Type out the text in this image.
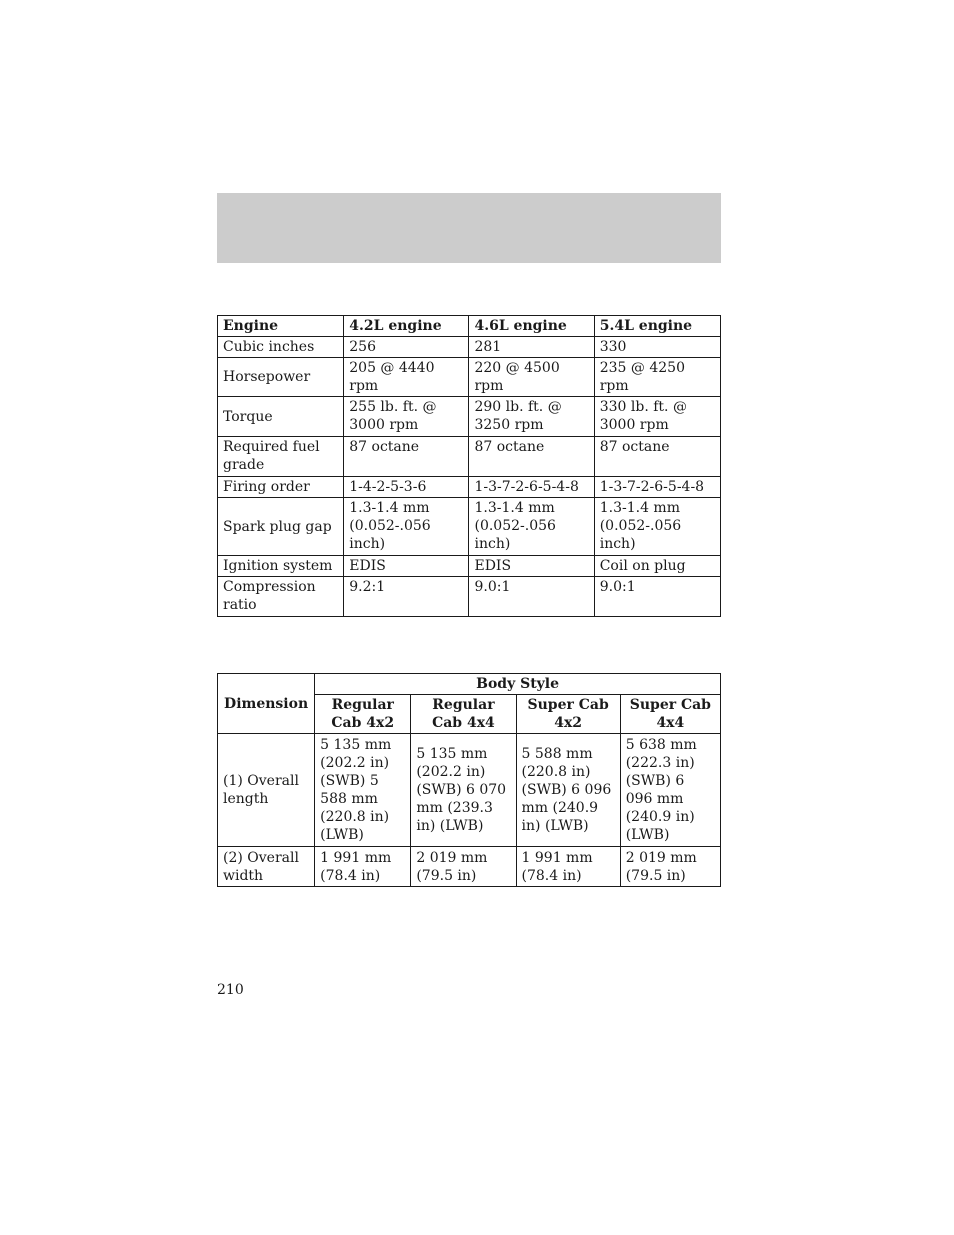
Engine	4.2L engine	4.6L engine	5.4L engine
Cubic inches	256	281	330
Horsepower	205 @ 4440 rpm	220 @ 4500 rpm	235 @ 4250 rpm
Torque	255 lb. ft. @ 3000 rpm	290 lb. ft. @ 3250 rpm	330 lb. ft. @ 3000 rpm
Required fuel grade	87 octane	87 octane	87 octane
Firing order	1-4-2-5-3-6	1-3-7-2-6-5-4-8	1-3-7-2-6-5-4-8
Spark plug gap	1.3-1.4 mm (0.052-.056 inch)	1.3-1.4 mm (0.052-.056 inch)	1.3-1.4 mm (0.052-.056 inch)
Ignition system	EDIS	EDIS	Coil on plug
Compression ratio	9.2:1	9.0:1	9.0:1
Dimension	Body Style			
	Regular Cab 4x2	Regular Cab 4x4	Super Cab 4x2	Super Cab 4x4
(1) Overall length	5 135 mm (202.2 in) (SWB) 5 588 mm (220.8 in) (LWB)	5 135 mm (202.2 in) (SWB) 6 070 mm (239.3 in) (LWB)	5 588 mm (220.8 in) (SWB) 6 096 mm (240.9 in) (LWB)	5 638 mm (222.3 in) (SWB) 6 096 mm (240.9 in) (LWB)
(2) Overall width	1 991 mm (78.4 in)	2 019 mm (79.5 in)	1 991 mm (78.4 in)	2 019 mm (79.5 in)
210
